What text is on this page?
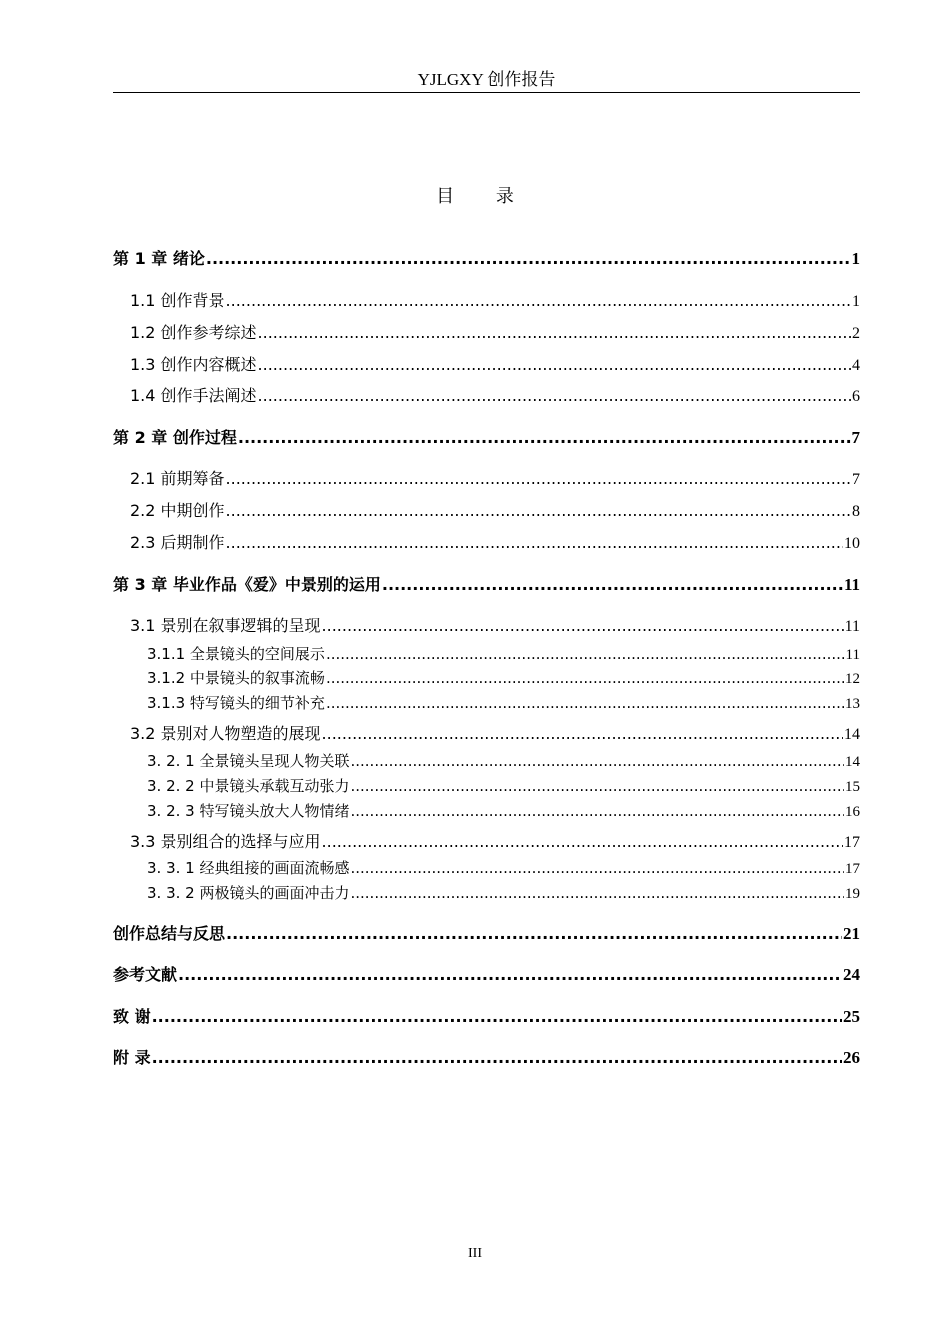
YJLGXY 创作报告
目 录
第 1 章 绪论 .....	1
1.1 创作背景 .....	1
1.2 创作参考综述 .....	2
1.3 创作内容概述 .....	4
1.4 创作手法阐述 .....	6
第 2 章 创作过程 .....	7
2.1 前期筹备 .....	7
2.2 中期创作 .....	8
2.3 后期制作 .....	10
第 3 章 毕业作品《爱》中景别的运用 .....	11
3.1 景别在叙事逻辑的呈现 .....	11
3.1.1 全景镜头的空间展示 .....	11
3.1.2 中景镜头的叙事流畅 .....	12
3.1.3 特写镜头的细节补充 .....	13
3.2 景别对人物塑造的展现 .....	14
3. 2. 1 全景镜头呈现人物关联 .....	14
3. 2. 2 中景镜头承载互动张力 .....	15
3. 2. 3 特写镜头放大人物情绪 .....	16
3.3 景别组合的选择与应用 .....	17
3. 3. 1 经典组接的画面流畅感 .....	17
3. 3. 2 两极镜头的画面冲击力 .....	19
创作总结与反思 .....	21
参考文献 .....	24
致 谢 .....	25
附 录 .....	26
III
